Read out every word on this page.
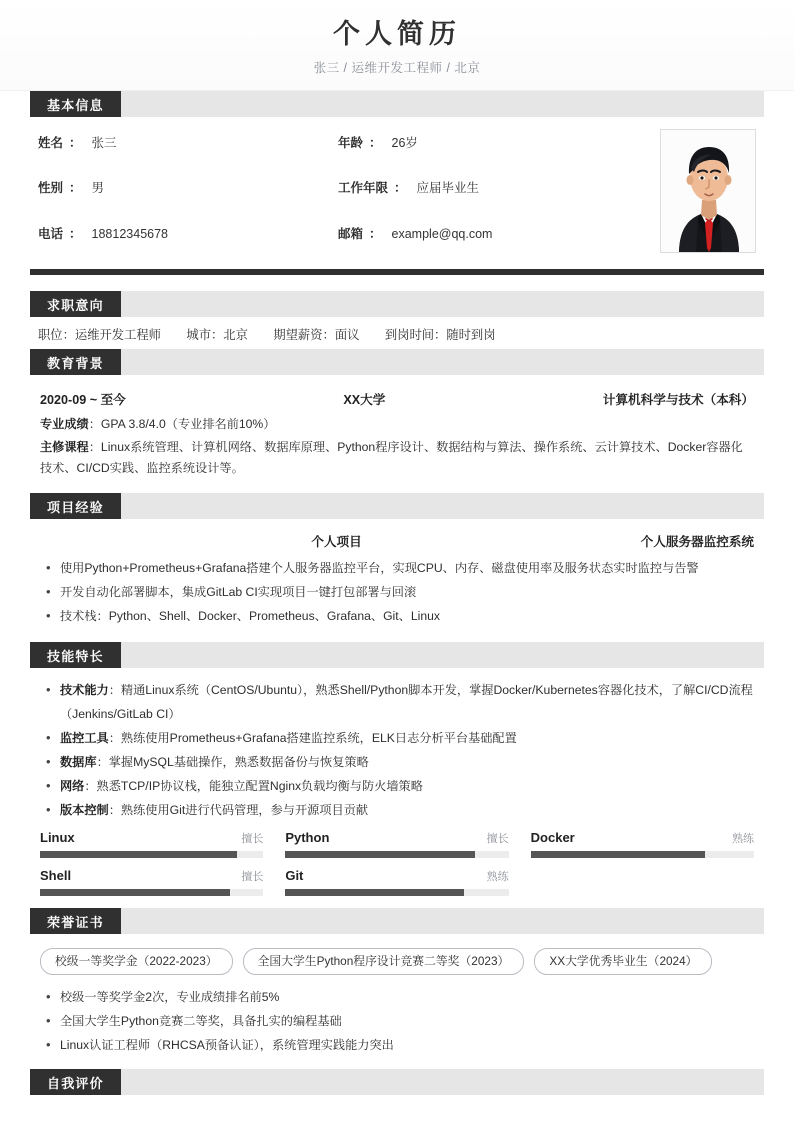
个人简历
张三 / 运维开发工程师 / 北京
基本信息
姓名 ： 张三	年龄 ： 26岁
性别 ： 男	工作年限 ： 应届毕业生
电话 ： 18812345678	邮箱 ： example@qq.com
求职意向
职位：运维开发工程师 城市：北京 期望薪资：面议 到岗时间：随时到岗
教育背景
2020-09 ~ 至今	XX大学	计算机科学与技术（本科）
专业成绩：GPA 3.8/4.0（专业排名前10%）
主修课程：Linux系统管理、计算机网络、数据库原理、Python程序设计、数据结构与算法、操作系统、云计算技术、Docker容器化技术、CI/CD实践、监控系统设计等。
项目经验
个人项目	个人服务器监控系统
• 使用Python+Prometheus+Grafana搭建个人服务器监控平台，实现CPU、内存、磁盘使用率及服务状态实时监控与告警
• 开发自动化部署脚本，集成GitLab CI实现项目一键打包部署与回滚
• 技术栈：Python、Shell、Docker、Prometheus、Grafana、Git、Linux
技能特长
• 技术能力：精通Linux系统（CentOS/Ubuntu），熟悉Shell/Python脚本开发，掌握Docker/Kubernetes容器化技术，了解CI/CD流程（Jenkins/GitLab CI）
• 监控工具：熟练使用Prometheus+Grafana搭建监控系统，ELK日志分析平台基础配置
• 数据库：掌握MySQL基础操作，熟悉数据备份与恢复策略
• 网络：熟悉TCP/IP协议栈，能独立配置Nginx负载均衡与防火墙策略
• 版本控制：熟练使用Git进行代码管理，参与开源项目贡献
Linux	擅长 Python	擅长 Docker	熟练
Shell	擅长 Git	熟练
荣誉证书
校级一等奖学金（2022-2023）	全国大学生Python程序设计竞赛二等奖（2023）	XX大学优秀毕业生（2024）
• 校级一等奖学金2次，专业成绩排名前5%
• 全国大学生Python竞赛二等奖，具备扎实的编程基础
• Linux认证工程师（RHCSA预备认证），系统管理实践能力突出
自我评价
